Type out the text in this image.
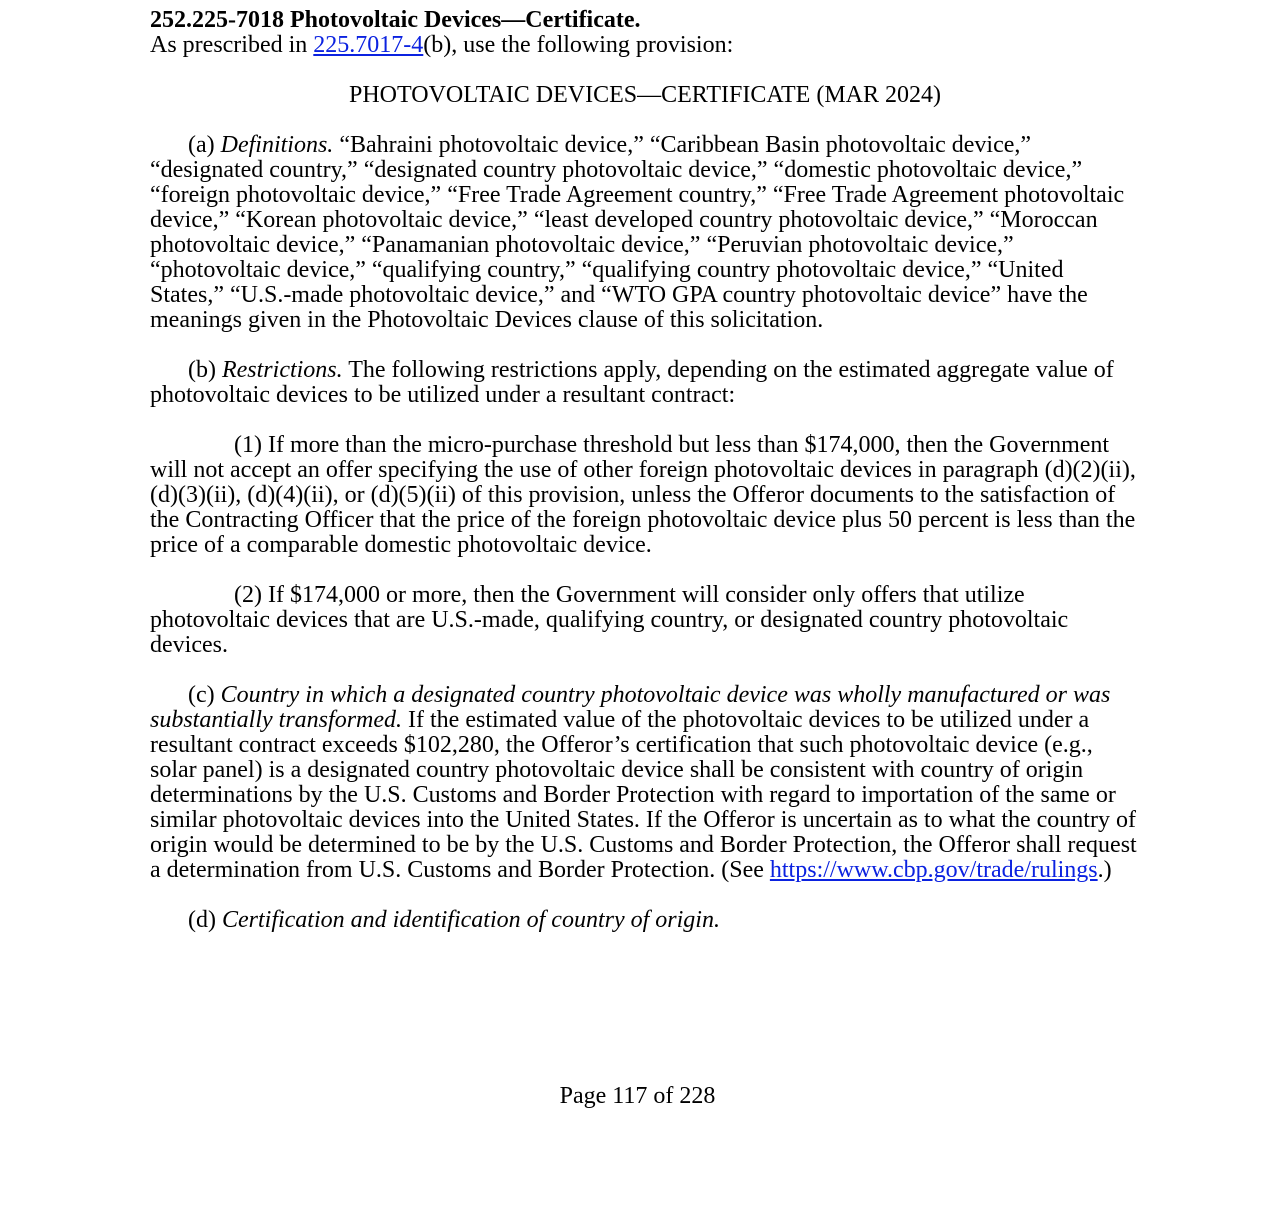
252.225-7018 Photovoltaic Devices—Certificate.

As prescribed in 225.7017-4(b), use the following provision:

PHOTOVOLTAIC DEVICES—CERTIFICATE (MAR 2024)

(a) Definitions. “Bahraini photovoltaic device,” “Caribbean Basin photovoltaic device,” “designated country,” “designated country photovoltaic device,” “domestic photovoltaic device,” “foreign photovoltaic device,” “Free Trade Agreement country,” “Free Trade Agreement photovoltaic device,” “Korean photovoltaic device,” “least developed country photovoltaic device,” “Moroccan photovoltaic device,” “Panamanian photovoltaic device,” “Peruvian photovoltaic device,” “photovoltaic device,” “qualifying country,” “qualifying country photovoltaic device,” “United States,” “U.S.-made photovoltaic device,” and “WTO GPA country photovoltaic device” have the meanings given in the Photovoltaic Devices clause of this solicitation.

(b) Restrictions. The following restrictions apply, depending on the estimated aggregate value of photovoltaic devices to be utilized under a resultant contract:

(1) If more than the micro-purchase threshold but less than $174,000, then the Government will not accept an offer specifying the use of other foreign photovoltaic devices in paragraph (d)(2)(ii), (d)(3)(ii), (d)(4)(ii), or (d)(5)(ii) of this provision, unless the Offeror documents to the satisfaction of the Contracting Officer that the price of the foreign photovoltaic device plus 50 percent is less than the price of a comparable domestic photovoltaic device.

(2) If $174,000 or more, then the Government will consider only offers that utilize photovoltaic devices that are U.S.-made, qualifying country, or designated country photovoltaic devices.

(c) Country in which a designated country photovoltaic device was wholly manufactured or was substantially transformed. If the estimated value of the photovoltaic devices to be utilized under a resultant contract exceeds $102,280, the Offeror’s certification that such photovoltaic device (e.g., solar panel) is a designated country photovoltaic device shall be consistent with country of origin determinations by the U.S. Customs and Border Protection with regard to importation of the same or similar photovoltaic devices into the United States. If the Offeror is uncertain as to what the country of origin would be determined to be by the U.S. Customs and Border Protection, the Offeror shall request a determination from U.S. Customs and Border Protection. (See https://www.cbp.gov/trade/rulings.)

(d) Certification and identification of country of origin.

Page 117 of 228
